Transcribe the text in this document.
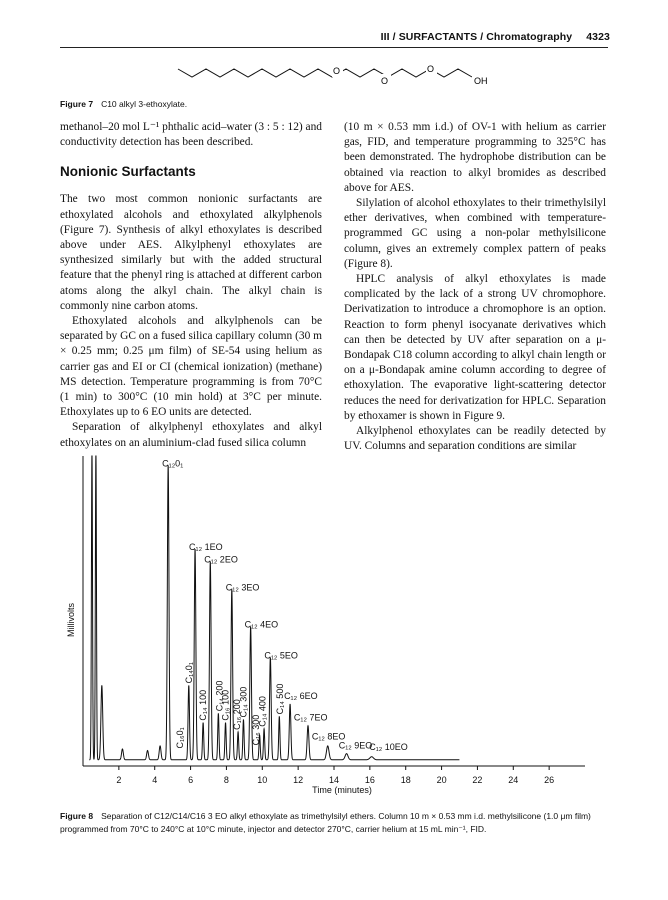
III / SURFACTANTS / Chromatography 4323
O
O
O
OH
Figure 7 C10 alkyl 3-ethoxylate.

methanol–20 mol L⁻¹ phthalic acid–water (3 : 5 : 12) and conductivity detection has been described.

Nonionic Surfactants

The two most common nonionic surfactants are ethoxylated alcohols and ethoxylated alkylphenols (Figure 7). Synthesis of alkyl ethoxylates is described above under AES. Alkylphenyl ethoxylates are synthesized similarly but with the added structural feature that the phenyl ring is attached at different carbon atoms along the alkyl chain. The alkyl chain is commonly nine carbon atoms.

Ethoxylated alcohols and alkylphenols can be separated by GC on a fused silica capillary column (30 m × 0.25 mm; 0.25 μm film) of SE-54 using helium as carrier gas and EI or CI (chemical ionization) (methane) MS detection. Temperature programming is from 70°C (1 min) to 300°C (10 min hold) at 3°C per minute. Ethoxylates up to 6 EO units are detected.

Separation of alkylphenyl ethoxylates and alkyl ethoxylates on an aluminium-clad fused silica column

(10 m × 0.53 mm i.d.) of OV-1 with helium as carrier gas, FID, and temperature programming to 325°C has been demonstrated. The hydrophobe distribution can be obtained via reaction to alkyl bromides as described above for AES.

Silylation of alcohol ethoxylates to their trimethylsilyl ether derivatives, when combined with temperature-programmed GC using a non-polar methylsilicone column, gives an extremely complex pattern of peaks (Figure 8).

HPLC analysis of alkyl ethoxylates is made complicated by the lack of a strong UV chromophore. Derivatization to introduce a chromophore is an option. Reaction to form phenyl isocyanate derivatives which can then be detected by UV after separation on a μ-Bondapak C18 column according to alkyl chain length or on a μ-Bondapak amine column according to degree of ethoxylation. The evaporative light-scattering detector reduces the need for derivatization for HPLC. Separation by ethoxamer is shown in Figure 9.

Alkylphenol ethoxylates can be readily detected by UV. Columns and separation conditions are similar

2	4	6	8	10	12	14	16	18	20	22	24	26
C₁₂0₁
C₁₂ 1EO
C₁₂ 2EO
C₁₂ 3EO
C₁₂ 4EO
C₁₂ 5EO
C₁₂ 6EO
C₁₂ 7EO
C₁₂ 8EO
C₁₂ 9EO
C₁₂ 10EO
C₁₄0₁
C₁₄ 100
C₁₆0₁
C₁₄ 200
C₁₆ 100 C₁₄ 300
C₁₆ 200 C₁₄ 400
C₁₆ 300
C₁₄ 500
Millivolts
Time (minutes)
Figure 8 Separation of C12/C14/C16 3 EO alkyl ethoxylate as trimethylsilyl ethers. Column 10 m × 0.53 mm i.d. methylsilicone (1.0 μm film) programmed from 70°C to 240°C at 10°C minute, injector and detector 270°C, carrier helium at 15 mL min⁻¹, FID.
